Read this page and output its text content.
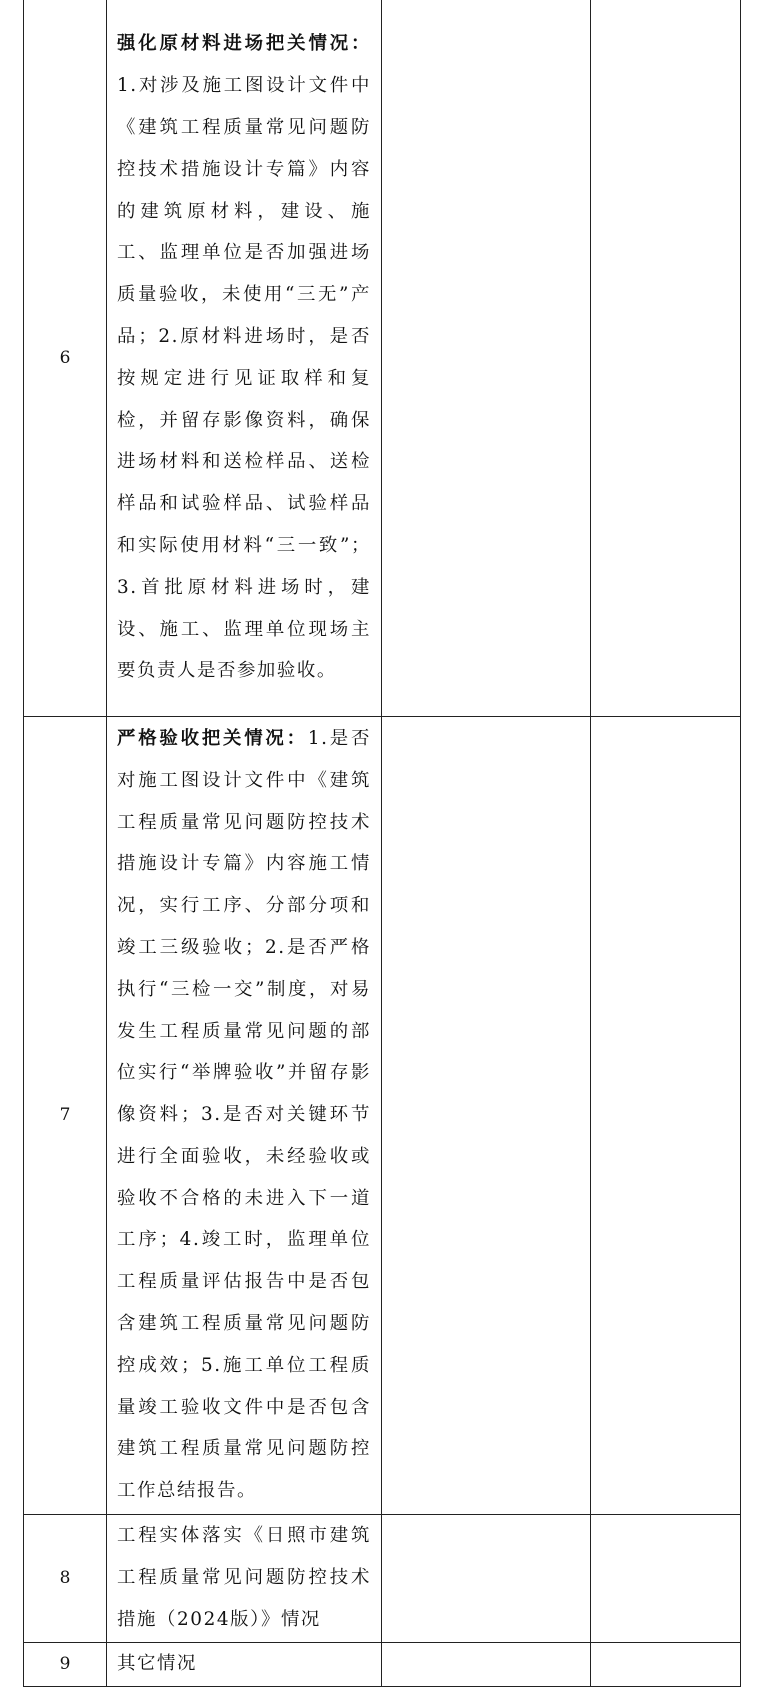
6	强化原材料进场把关情况：1.对涉及施工图设计文件中《建筑工程质量常见问题防控技术措施设计专篇》内容的建筑原材料，建设、施工、监理单位是否加强进场质量验收，未使用“三无”产品；2.原材料进场时，是否按规定进行见证取样和复检，并留存影像资料，确保进场材料和送检样品、送检样品和试验样品、试验样品和实际使用材料“三一致”；3.首批原材料进场时，建设、施工、监理单位现场主要负责人是否参加验收。		
7	严格验收把关情况：1.是否对施工图设计文件中《建筑工程质量常见问题防控技术措施设计专篇》内容施工情况，实行工序、分部分项和竣工三级验收；2.是否严格执行“三检一交”制度，对易发生工程质量常见问题的部位实行“举牌验收”并留存影像资料；3.是否对关键环节进行全面验收，未经验收或验收不合格的未进入下一道工序；4.竣工时，监理单位工程质量评估报告中是否包含建筑工程质量常见问题防控成效；5.施工单位工程质量竣工验收文件中是否包含建筑工程质量常见问题防控工作总结报告。		
8	工程实体落实《日照市建筑工程质量常见问题防控技术措施（2024版）》情况		
9	其它情况		
